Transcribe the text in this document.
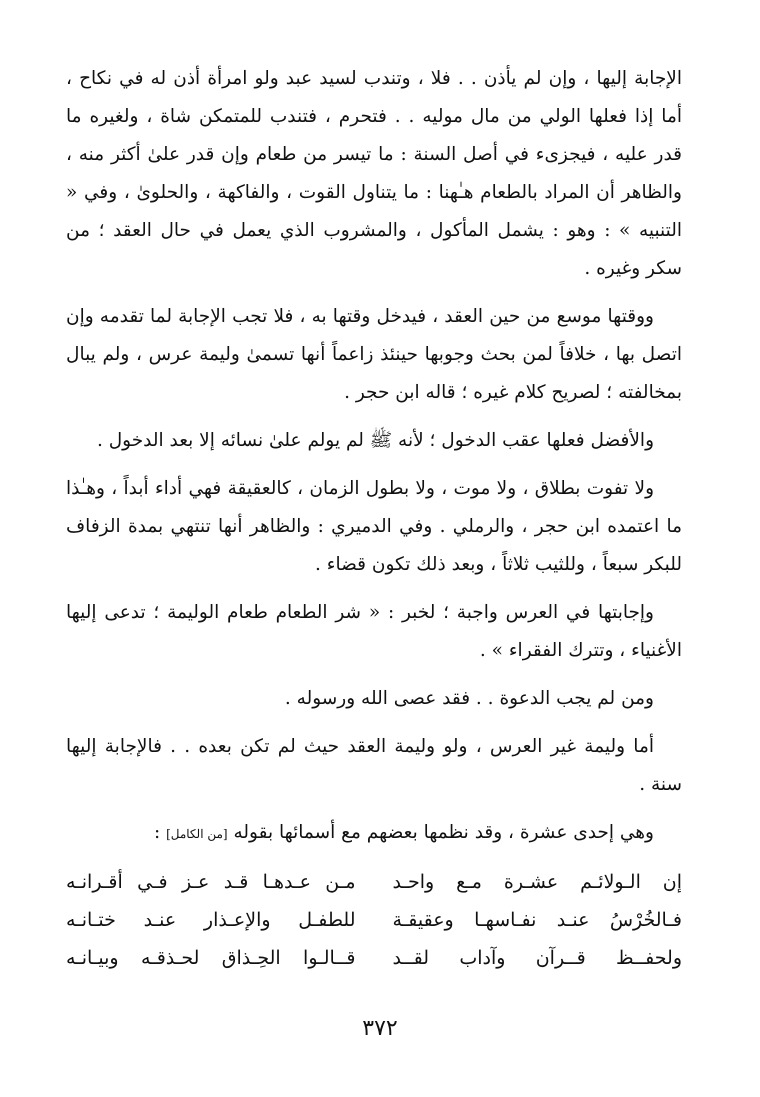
الإجابة إليها ، وإن لم يأذن . . فلا ، وتندب لسيد عبد ولو امرأة أذن له في نكاح ، أما إذا فعلها الولي من مال موليه . . فتحرم ، فتندب للمتمكن شاة ، ولغيره ما قدر عليه ، فيجزىء في أصل السنة : ما تيسر من طعام وإن قدر علىٰ أكثر منه ، والظاهر أن المراد بالطعام هـٰهنا : ما يتناول القوت ، والفاكهة ، والحلوىٰ ، وفي « التنبيه » : وهو : يشمل المأكول ، والمشروب الذي يعمل في حال العقد ؛ من سكر وغيره .

ووقتها موسع من حين العقد ، فيدخل وقتها به ، فلا تجب الإجابة لما تقدمه وإن اتصل بها ، خلافاً لمن بحث وجوبها حينئذ زاعماً أنها تسمىٰ وليمة عرس ، ولم يبال بمخالفته ؛ لصريح كلام غيره ؛ قاله ابن حجر .

والأفضل فعلها عقب الدخول ؛ لأنه ﷺ لم يولم علىٰ نسائه إلا بعد الدخول .

ولا تفوت بطلاق ، ولا موت ، ولا بطول الزمان ، كالعقيقة فهي أداء أبداً ، وهـٰذا ما اعتمده ابن حجر ، والرملي . وفي الدميري : والظاهر أنها تنتهي بمدة الزفاف للبكر سبعاً ، وللثيب ثلاثاً ، وبعد ذلك تكون قضاء .

وإجابتها في العرس واجبة ؛ لخبر : « شر الطعام طعام الوليمة ؛ تدعى إليها الأغنياء ، وتترك الفقراء » .

ومن لم يجب الدعوة . . فقد عصى الله ورسوله .

أما وليمة غير العرس ، ولو وليمة العقد حيث لم تكن بعده . . فالإجابة إليها سنة .

وهي إحدى عشرة ، وقد نظمها بعضهم مع أسمائها بقوله [من الكامل] :

إن الـولائـم عشـرة مـع واحـد
مـن عـدهـا قـد عـز فـي أقـرانـه
فـالخُرْسُ عنـد نفـاسهـا وعقيقـة
للطفـل والإعـذار عنـد ختـانـه
ولحفــظ قــرآن وآداب لقــد
قــالـوا الحِـذاق لحـذقـه وبيـانـه
٣٧٢
